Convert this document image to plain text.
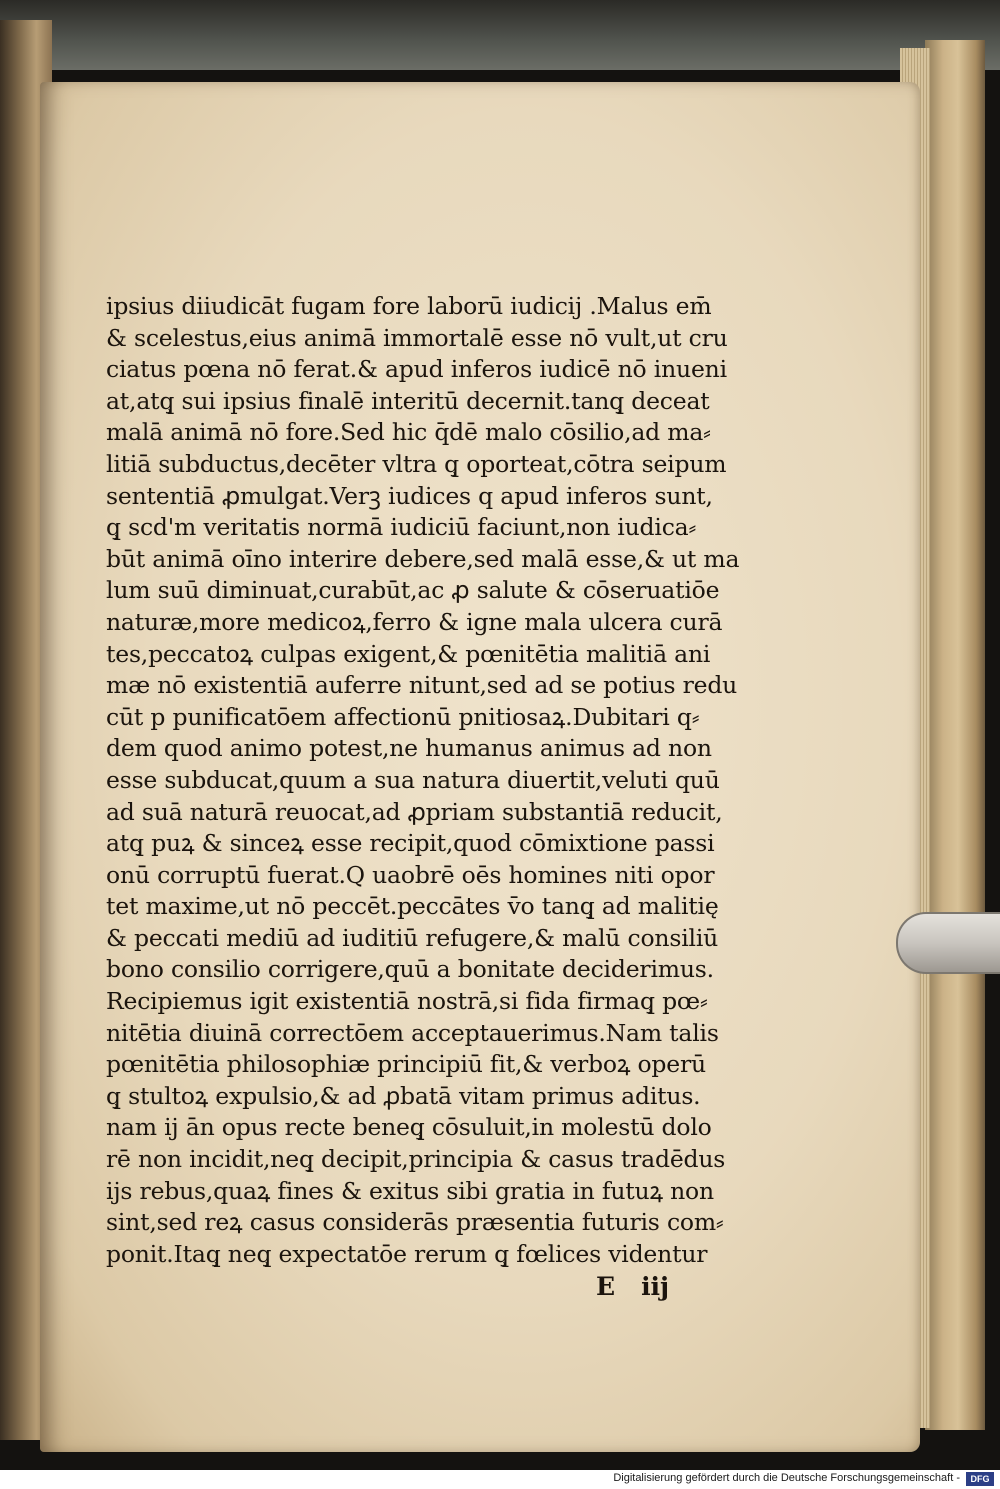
ipsius diiudicāt fugam fore laborū iudicij .Malus em̄
& scelestus,eius animā immortalē esse nō vult,ut cru
ciatus pœna nō ferat.& apud inferos iudicē nō inueni
at,atq̧ sui ipsius finalē interitū decernit.tanq̧ deceat
malā animā nō fore.Sed hic q̄dē malo cōsilio,ad ma⸗
litiā subductus,decēter vltra q̧ oporteat,cōtra seipum
sententiā ꝓmulgat.Verꝫ iudices q apud inferos sunt,
q̧ scd'm veritatis normā iudiciū faciunt,non iudica⸗
būt animā oīno interire debere,sed malā esse,& ut ma
lum suū diminuat,curabūt,ac ꝓ salute & cōseruatiōe
naturæ,more medicoꝝ,ferro & igne mala ulcera curā
tes,peccatoꝝ culpas exigent,& pœnitētia malitiā ani
mæ nō existentiā auferre nitunt,sed ad se potius redu
cūt p punificatōem affectionū pnitiosaꝝ.Dubitari q⸗
dem quod animo potest,ne humanus animus ad non
esse subducat,quum a sua natura diuertit,veluti quū
ad suā naturā reuocat,ad ꝓpriam substantiā reducit,
atq̧ puꝝ & sinceꝝ esse recipit,quod cōmixtione passi
onū corruptū fuerat.Q uaobrē oēs homines niti opor
tet maxime,ut nō peccēt.peccātes v̄o tanq̧ ad malitię
& peccati mediū ad iuditiū refugere,& malū consiliū
bono consilio corrigere,quū a bonitate deciderimus.
Recipiemus igit existentiā nostrā,si fida firmaq̧ pœ⸗
nitētia diuinā correctōem acceptauerimus.Nam talis
pœnitētia philosophiæ principiū fit,& verboꝝ operū
q̧ stultoꝝ expulsio,& ad ꝓbatā vitam primus aditus.
nam ij ān opus recte beneq̧ cōsuluit,in molestū dolo
rē non incidit,neq̧ decipit,principia & casus tradēdus
ijs rebus,quaꝝ fines & exitus sibi gratia in futuꝝ non
sint,sed reꝝ casus considerās præsentia futuris com⸗
ponit.Itaq̧ neq̧ expectatōe rerum q̧ fœlices videntur
E iij
Digitalisierung gefördert durch die Deutsche Forschungsgemeinschaft -	DFG
